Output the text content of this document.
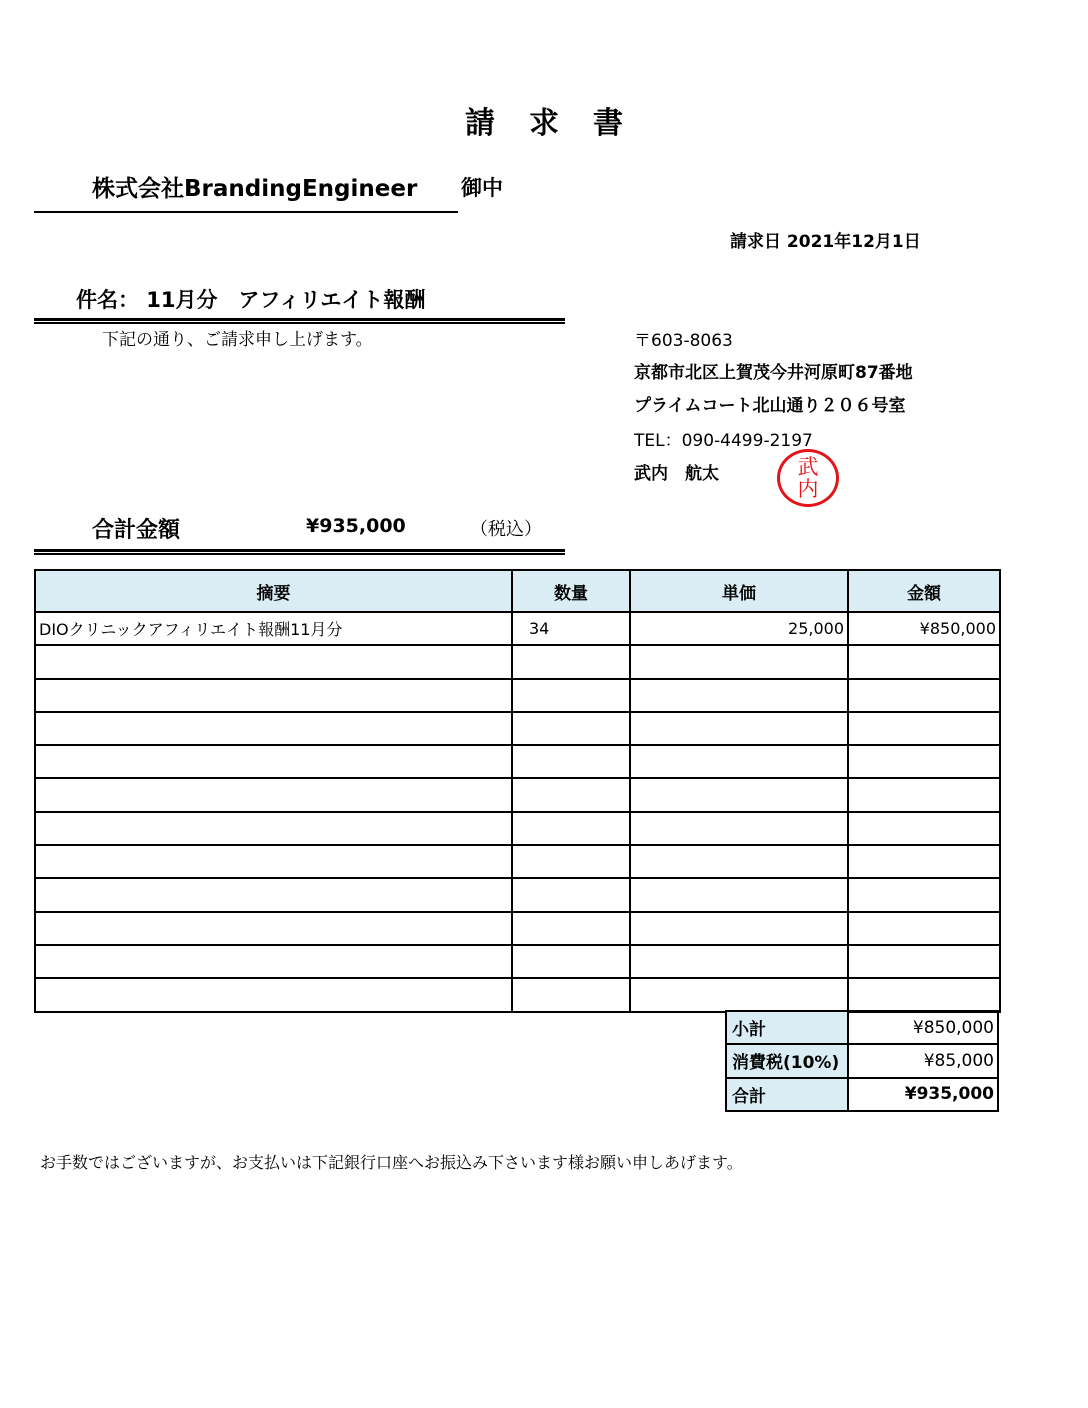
請 求 書
株式会社BrandingEngineer 御中
請求日 2021年12月1日
件名： 11月分　アフィリエイト報酬
下記の通り、ご請求申し上げます。	〒603-8063
京都市北区上賀茂今井河原町87番地
プライムコート北山通り２０６号室
TEL：090-4499-2197
武内　航太	武
内
合計金額	¥935,000	（税込）
摘要	数量	単価	金額
DIOクリニックアフィリエイト報酬11月分	34	25,000	¥850,000

小計	¥850,000
消費税(10%)	¥85,000
合計	¥935,000
お手数ではございますが、お支払いは下記銀行口座へお振込み下さいます様お願い申しあげます。
